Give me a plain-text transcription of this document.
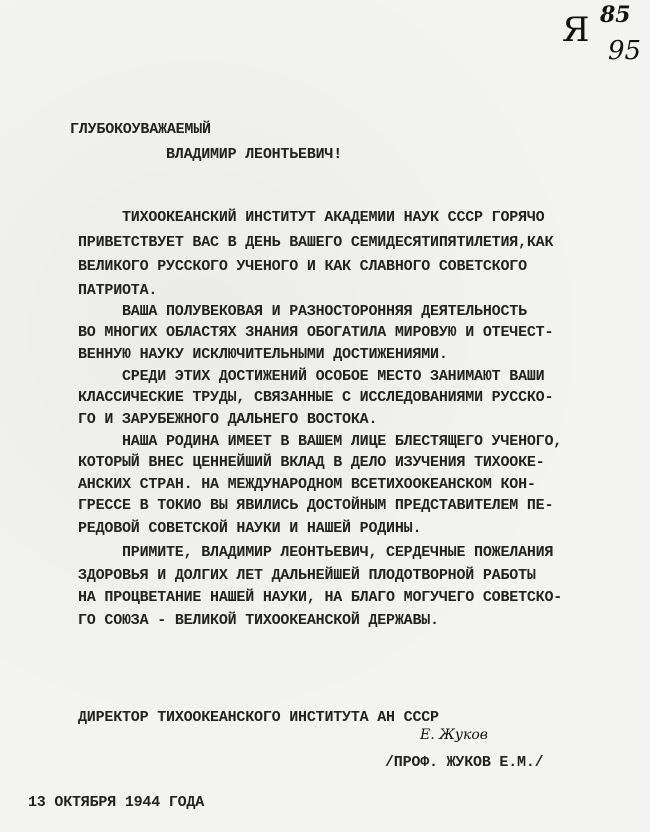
Я 85
95
ГЛУБОКОУВАЖАЕМЫЙ
ВЛАДИМИР ЛЕОНТЬЕВИЧ!
ТИХООКЕАНСКИЙ ИНСТИТУТ АКАДЕМИИ НАУК СССР ГОРЯЧО
ПРИВЕТСТВУЕТ ВАС В ДЕНЬ ВАШЕГО СЕМИДЕСЯТИПЯТИЛЕТИЯ,КАК
ВЕЛИКОГО РУССКОГО УЧЕНОГО И КАК СЛАВНОГО СОВЕТСКОГО
ПАТРИОТА.
ВАША ПОЛУВЕКОВАЯ И РАЗНОСТОРОННЯЯ ДЕЯТЕЛЬНОСТЬ
ВО МНОГИХ ОБЛАСТЯХ ЗНАНИЯ ОБОГАТИЛА МИРОВУЮ И ОТЕЧЕСТ-
ВЕННУЮ НАУКУ ИСКЛЮЧИТЕЛЬНЫМИ ДОСТИЖЕНИЯМИ.
СРЕДИ ЭТИХ ДОСТИЖЕНИЙ ОСОБОЕ МЕСТО ЗАНИМАЮТ ВАШИ
КЛАССИЧЕСКИЕ ТРУДЫ, СВЯЗАННЫЕ С ИССЛЕДОВАНИЯМИ РУССКО-
ГО И ЗАРУБЕЖНОГО ДАЛЬНЕГО ВОСТОКА.
НАША РОДИНА ИМЕЕТ В ВАШЕМ ЛИЦЕ БЛЕСТЯЩЕГО УЧЕНОГО,
КОТОРЫЙ ВНЕС ЦЕННЕЙШИЙ ВКЛАД В ДЕЛО ИЗУЧЕНИЯ ТИХООКЕ-
АНСКИХ СТРАН. НА МЕЖДУНАРОДНОМ ВСЕТИХООКЕАНСКОМ КОН-
ГРЕССЕ В ТОКИО ВЫ ЯВИЛИСЬ ДОСТОЙНЫМ ПРЕДСТАВИТЕЛЕМ ПЕ-
РЕДОВОЙ СОВЕТСКОЙ НАУКИ И НАШЕЙ РОДИНЫ.
ПРИМИТЕ, ВЛАДИМИР ЛЕОНТЬЕВИЧ, СЕРДЕЧНЫЕ ПОЖЕЛАНИЯ
ЗДОРОВЬЯ И ДОЛГИХ ЛЕТ ДАЛЬНЕЙШЕЙ ПЛОДОТВОРНОЙ РАБОТЫ
НА ПРОЦВЕТАНИЕ НАШЕЙ НАУКИ, НА БЛАГО МОГУЧЕГО СОВЕТСКО-
ГО СОЮЗА - ВЕЛИКОЙ ТИХООКЕАНСКОЙ ДЕРЖАВЫ.
ДИРЕКТОР ТИХООКЕАНСКОГО ИНСТИТУТА АН СССР
Е. Жуков
/ПРОФ. ЖУКОВ Е.М./
13 ОКТЯБРЯ 1944 ГОДА
